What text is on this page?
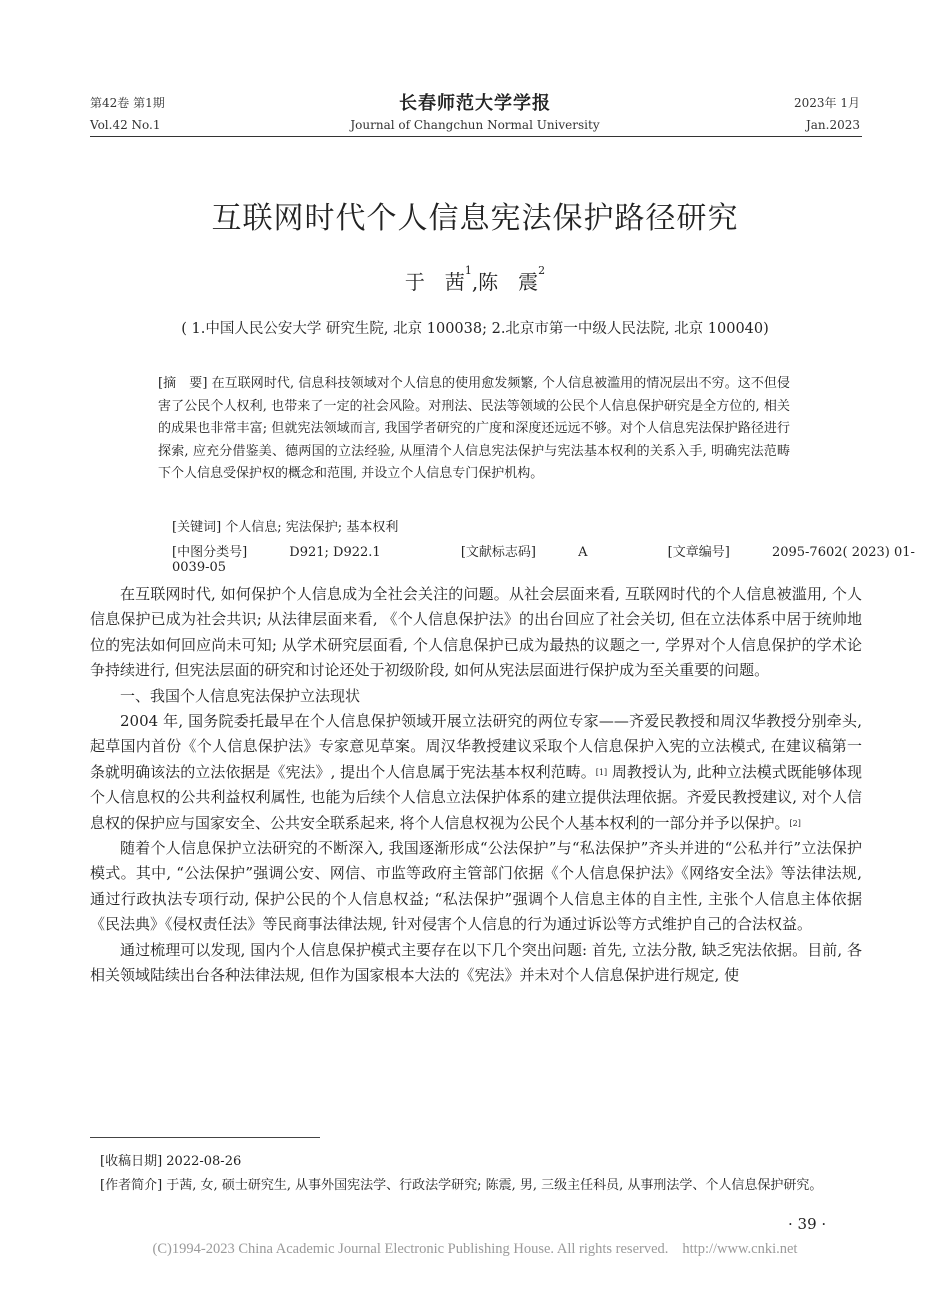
第42卷 第1期
Vol.42 No.1
长春师范大学学报
Journal of Changchun Normal University
2023年 1月
Jan.2023
互联网时代个人信息宪法保护路径研究
于　茜$^1$,陈　震$^2$
( 1.中国人民公安大学 研究生院, 北京 100038; 2.北京市第一中级人民法院, 北京 100040)
[摘　要] 在互联网时代, 信息科技领域对个人信息的使用愈发频繁, 个人信息被滥用的情况层出不穷。这不但侵害了公民个人权利, 也带来了一定的社会风险。对刑法、民法等领域的公民个人信息保护研究是全方位的, 相关的成果也非常丰富; 但就宪法领域而言, 我国学者研究的广度和深度还远远不够。对个人信息宪法保护路径进行探索, 应充分借鉴美、德两国的立法经验, 从厘清个人信息宪法保护与宪法基本权利的关系入手, 明确宪法范畴下个人信息受保护权的概念和范围, 并设立个人信息专门保护机构。
[关键词] 个人信息; 宪法保护; 基本权利
[中图分类号]	D921; D922.1	[文献标志码]	A	[文章编号]	2095-7602( 2023) 01-0039-05

在互联网时代, 如何保护个人信息成为全社会关注的问题。从社会层面来看, 互联网时代的个人信息被滥用, 个人信息保护已成为社会共识; 从法律层面来看, 《个人信息保护法》的出台回应了社会关切, 但在立法体系中居于统帅地位的宪法如何回应尚未可知; 从学术研究层面看, 个人信息保护已成为最热的议题之一, 学界对个人信息保护的学术论争持续进行, 但宪法层面的研究和讨论还处于初级阶段, 如何从宪法层面进行保护成为至关重要的问题。

一、我国个人信息宪法保护立法现状

2004 年, 国务院委托最早在个人信息保护领域开展立法研究的两位专家——齐爱民教授和周汉华教授分别牵头, 起草国内首份《个人信息保护法》专家意见草案。周汉华教授建议采取个人信息保护入宪的立法模式, 在建议稿第一条就明确该法的立法依据是《宪法》, 提出个人信息属于宪法基本权利范畴。[1] 周教授认为, 此种立法模式既能够体现个人信息权的公共利益权利属性, 也能为后续个人信息立法保护体系的建立提供法理依据。齐爱民教授建议, 对个人信息权的保护应与国家安全、公共安全联系起来, 将个人信息权视为公民个人基本权利的一部分并予以保护。[2]

随着个人信息保护立法研究的不断深入, 我国逐渐形成“公法保护”与“私法保护”齐头并进的“公私并行”立法保护模式。其中, “公法保护”强调公安、网信、市监等政府主管部门依据《个人信息保护法》《网络安全法》等法律法规, 通过行政执法专项行动, 保护公民的个人信息权益; “私法保护”强调个人信息主体的自主性, 主张个人信息主体依据《民法典》《侵权责任法》等民商事法律法规, 针对侵害个人信息的行为通过诉讼等方式维护自己的合法权益。

通过梳理可以发现, 国内个人信息保护模式主要存在以下几个突出问题: 首先, 立法分散, 缺乏宪法依据。目前, 各相关领域陆续出台各种法律法规, 但作为国家根本大法的《宪法》并未对个人信息保护进行规定, 使

[收稿日期] 2022-08-26
[作者简介] 于茜, 女, 硕士研究生, 从事外国宪法学、行政法学研究; 陈震, 男, 三级主任科员, 从事刑法学、个人信息保护研究。
· 39 ·
(C)1994-2023 China Academic Journal Electronic Publishing House. All rights reserved. http://www.cnki.net
